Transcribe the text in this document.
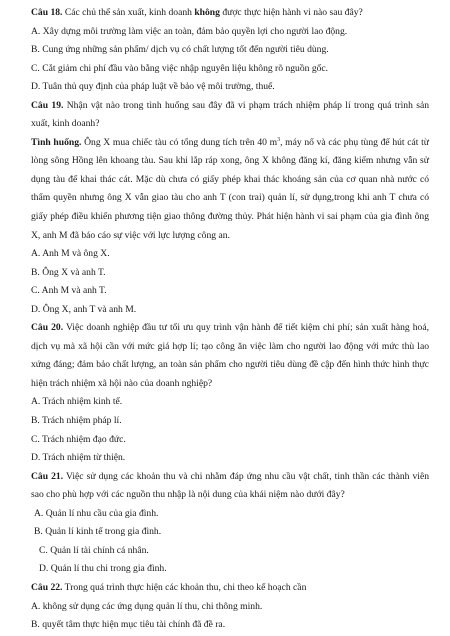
Câu 18. Các chủ thể sản xuất, kinh doanh không được thực hiện hành vi nào sau đây?

A. Xây dựng môi trường làm việc an toàn, đảm bảo quyền lợi cho người lao động.

B. Cung ứng những sản phẩm/ dịch vụ có chất lượng tốt đến người tiêu dùng.

C. Cắt giảm chi phí đầu vào bằng việc nhập nguyên liệu không rõ nguồn gốc.

D. Tuân thủ quy định của pháp luật về bảo vệ môi trường, thuế.

Câu 19. Nhận vật nào trong tình huống sau đây đã vi phạm trách nhiệm pháp lí trong quá trình sản xuất, kinh doanh?

Tình huống. Ông X mua chiếc tàu có tổng dung tích trên 40 $m^3$, máy nổ và các phụ tùng để hút cát từ lòng sông Hồng lên khoang tàu. Sau khi lắp ráp xong, ông X không đăng kí, đăng kiểm nhưng vẫn sử dụng tàu để khai thác cát. Mặc dù chưa có giấy phép khai thác khoáng sản của cơ quan nhà nước có thẩm quyền nhưng ông X vẫn giao tàu cho anh T (con trai) quản lí, sử dụng,trong khi anh T chưa có giấy phép điều khiển phương tiện giao thông đường thủy. Phát hiện hành vi sai phạm của gia đình ông X, anh M đã báo cáo sự việc với lực lượng công an.

A. Anh M và ông X.

B. Ông X và anh T.

C. Anh M và anh T.

D. Ông X, anh T và anh M.

Câu 20. Việc doanh nghiệp đầu tư tối ưu quy trình vận hành để tiết kiệm chi phí; sản xuất hàng hoá, dịch vụ mà xã hội cần với mức giá hợp lí; tạo công ăn việc làm cho người lao động với mức thù lao xứng đáng; đảm bảo chất lượng, an toàn sản phẩm cho người tiêu dùng đề cập đến hình thức hình thực hiện trách nhiệm xã hội nào của doanh nghiệp?

A. Trách nhiệm kinh tế.

B. Trách nhiệm pháp lí.

C. Trách nhiệm đạo đức.

D. Trách nhiệm từ thiện.

Câu 21. Việc sử dụng các khoản thu và chi nhằm đáp ứng nhu cầu vật chất, tinh thần các thành viên sao cho phù hợp với các nguồn thu nhập là nội dung của khái niệm nào dưới đây?

A. Quản lí nhu cầu của gia đình.

B. Quản lí kinh tế trong gia đình.

C. Quản lí tài chính cá nhân.

D. Quản lí thu chi trong gia đình.

Câu 22. Trong quá trình thực hiện các khoản thu, chi theo kế hoạch cần

A. không sử dụng các ứng dụng quản lí thu, chi thông minh.

B. quyết tâm thực hiện mục tiêu tài chính đã đề ra.
